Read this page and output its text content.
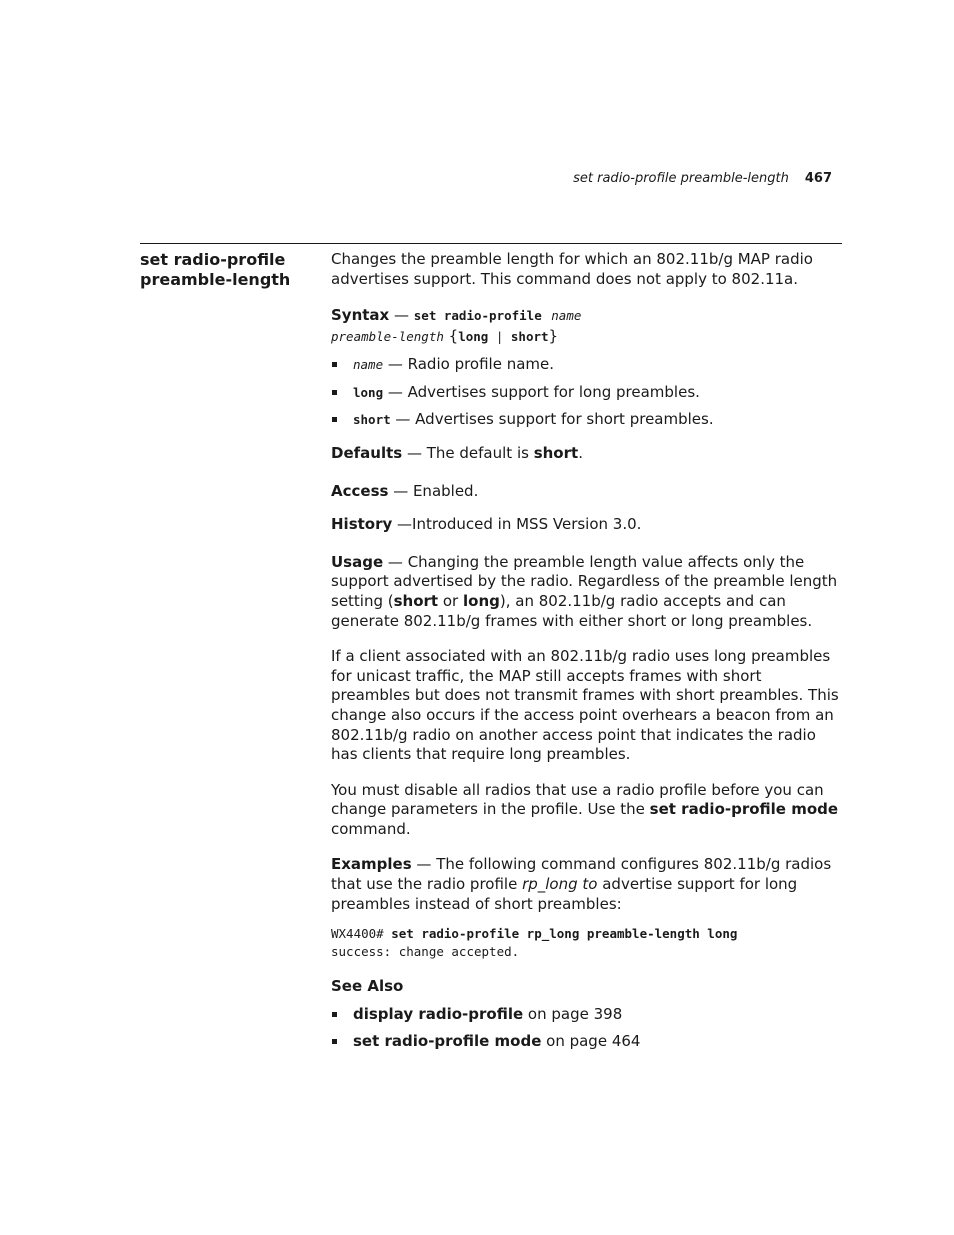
set radio-profile preamble-length 467
set radio-profile
preamble-length

Changes the preamble length for which an 802.11b/g MAP radio advertises support. This command does not apply to 802.11a.

Syntax — set radio-profile name
preamble-length {long | short}
name — Radio profile name.
long — Advertises support for long preambles.
short — Advertises support for short preambles.

Defaults — The default is short.

Access — Enabled.

History —Introduced in MSS Version 3.0.

Usage — Changing the preamble length value affects only the support advertised by the radio. Regardless of the preamble length setting (short or long), an 802.11b/g radio accepts and can generate 802.11b/g frames with either short or long preambles.

If a client associated with an 802.11b/g radio uses long preambles for unicast traffic, the MAP still accepts frames with short preambles but does not transmit frames with short preambles. This change also occurs if the access point overhears a beacon from an 802.11b/g radio on another access point that indicates the radio has clients that require long preambles.

You must disable all radios that use a radio profile before you can change parameters in the profile. Use the set radio-profile mode command.

Examples — The following command configures 802.11b/g radios that use the radio profile rp_long to advertise support for long preambles instead of short preambles:

WX4400# set radio-profile rp_long preamble-length long
success: change accepted.
See Also
display radio-profile on page 398
set radio-profile mode on page 464
